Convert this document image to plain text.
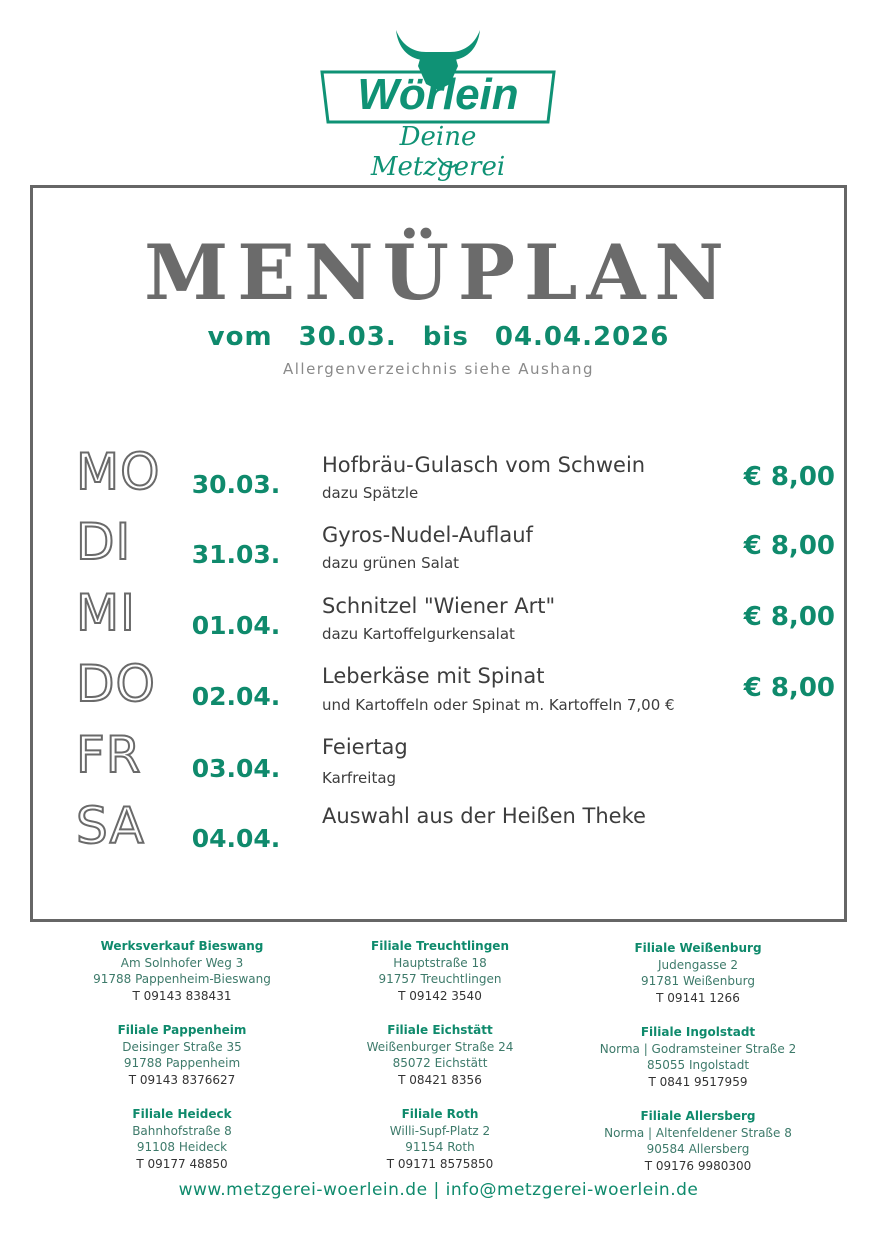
Wörlein
Deine Metzgerei
MENÜPLAN
vom 30.03. bis 04.04.2026
Allergenverzeichnis siehe Aushang
MO 30.03.
Hofbräu-Gulasch vom Schwein
dazu Spätzle
€ 8,00
DI 31.03.
Gyros-Nudel-Auflauf
dazu grünen Salat
€ 8,00
MI 01.04.
Schnitzel "Wiener Art"
dazu Kartoffelgurkensalat
€ 8,00
DO 02.04.
Leberkäse mit Spinat
und Kartoffeln oder Spinat m. Kartoffeln 7,00 €
€ 8,00
FR 03.04.
Feiertag
Karfreitag
SA 04.04.
Auswahl aus der Heißen Theke
Werksverkauf Bieswang
Am Solnhofer Weg 3
91788 Pappenheim-Bieswang
T 09143 838431
Filiale Pappenheim
Deisinger Straße 35
91788 Pappenheim
T 09143 8376627
Filiale Heideck
Bahnhofstraße 8
91108 Heideck
T 09177 48850
Filiale Treuchtlingen
Hauptstraße 18
91757 Treuchtlingen
T 09142 3540
Filiale Eichstätt
Weißenburger Straße 24
85072 Eichstätt
T 08421 8356
Filiale Roth
Willi-Supf-Platz 2
91154 Roth
T 09171 8575850
Filiale Weißenburg
Judengasse 2
91781 Weißenburg
T 09141 1266
Filiale Ingolstadt
Norma | Godramsteiner Straße 2
85055 Ingolstadt
T 0841 9517959
Filiale Allersberg
Norma | Altenfeldener Straße 8
90584 Allersberg
T 09176 9980300
www.metzgerei-woerlein.de | info@metzgerei-woerlein.de
